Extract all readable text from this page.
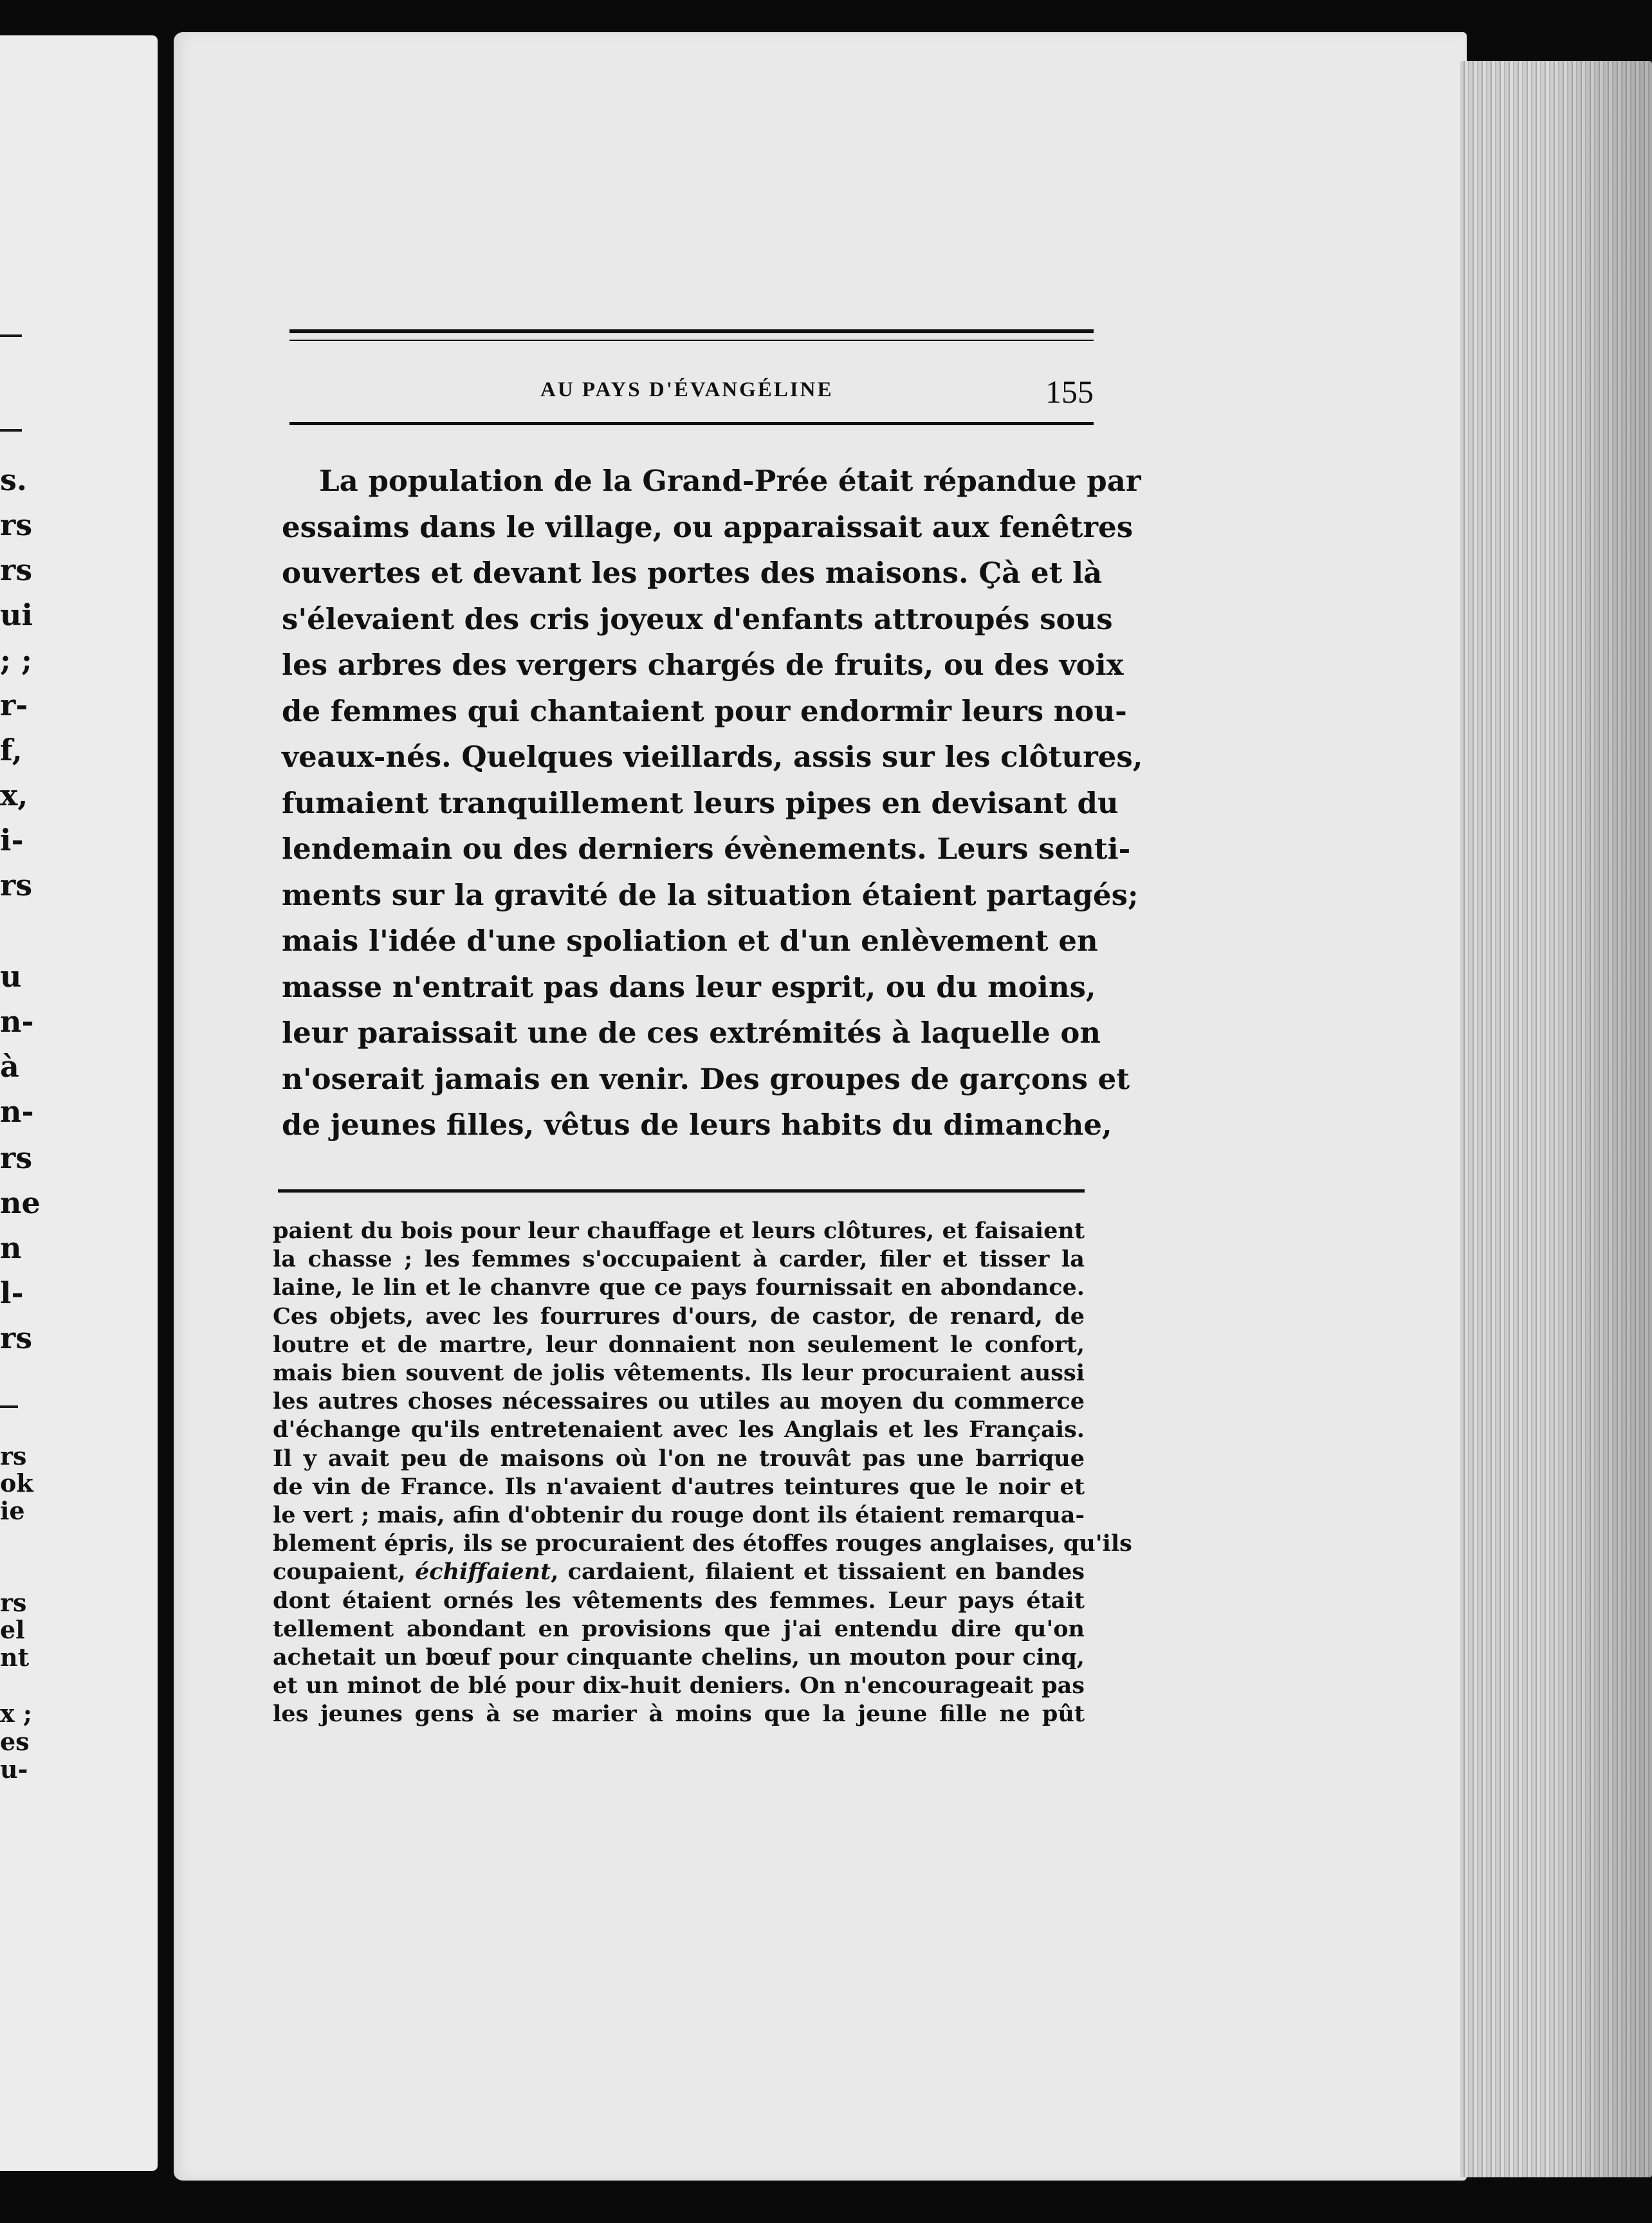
s.
rs
rs
ui
; ;
r-
f,
x,
i-
rs
u
n-
à
n-
rs
ne
n
l-
rs
rs
ok
ie
rs
el
nt
x ;
es
u-
AU PAYS D'ÉVANGÉLINE	155
La population de la Grand-Prée était répandue par
essaims dans le village, ou apparaissait aux fenêtres
ouvertes et devant les portes des maisons. Çà et là
s'élevaient des cris joyeux d'enfants attroupés sous
les arbres des vergers chargés de fruits, ou des voix
de femmes qui chantaient pour endormir leurs nou-
veaux-nés. Quelques vieillards, assis sur les clôtures,
fumaient tranquillement leurs pipes en devisant du
lendemain ou des derniers évènements. Leurs senti-
ments sur la gravité de la situation étaient partagés;
mais l'idée d'une spoliation et d'un enlèvement en
masse n'entrait pas dans leur esprit, ou du moins,
leur paraissait une de ces extrémités à laquelle on
n'oserait jamais en venir. Des groupes de garçons et
de jeunes filles, vêtus de leurs habits du dimanche,
paient du bois pour leur chauffage et leurs clôtures, et faisaient
la chasse ; les femmes s'occupaient à carder, filer et tisser la
laine, le lin et le chanvre que ce pays fournissait en abondance.
Ces objets, avec les fourrures d'ours, de castor, de renard, de
loutre et de martre, leur donnaient non seulement le confort,
mais bien souvent de jolis vêtements. Ils leur procuraient aussi
les autres choses nécessaires ou utiles au moyen du commerce
d'échange qu'ils entretenaient avec les Anglais et les Français.
Il y avait peu de maisons où l'on ne trouvât pas une barrique
de vin de France. Ils n'avaient d'autres teintures que le noir et
le vert ; mais, afin d'obtenir du rouge dont ils étaient remarqua-
blement épris, ils se procuraient des étoffes rouges anglaises, qu'ils
coupaient, échiffaient, cardaient, filaient et tissaient en bandes
dont étaient ornés les vêtements des femmes. Leur pays était
tellement abondant en provisions que j'ai entendu dire qu'on
achetait un bœuf pour cinquante chelins, un mouton pour cinq,
et un minot de blé pour dix-huit deniers. On n'encourageait pas
les jeunes gens à se marier à moins que la jeune fille ne pût
